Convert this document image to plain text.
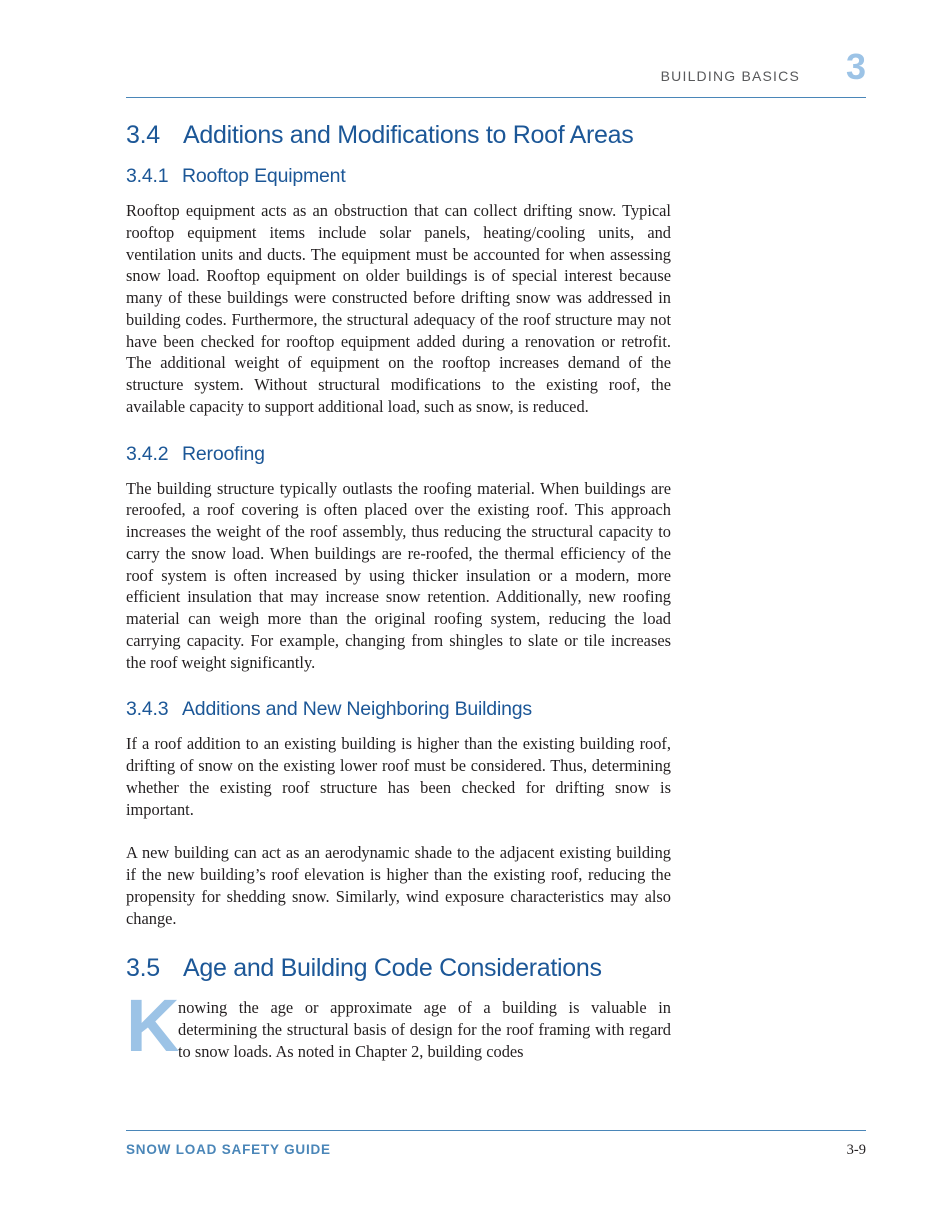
BUILDING BASICS 3
3.4 Additions and Modifications to Roof Areas
3.4.1 Rooftop Equipment

Rooftop equipment acts as an obstruction that can collect drifting snow. Typical rooftop equipment items include solar panels, heating/cooling units, and ventilation units and ducts. The equipment must be accounted for when assessing snow load. Rooftop equipment on older buildings is of special interest because many of these buildings were constructed before drifting snow was addressed in building codes. Furthermore, the structural adequacy of the roof structure may not have been checked for rooftop equipment added during a renovation or retrofit. The additional weight of equipment on the rooftop increases demand of the structure system. Without structural modifications to the existing roof, the available capacity to support additional load, such as snow, is reduced.

3.4.2 Reroofing

The building structure typically outlasts the roofing material. When buildings are reroofed, a roof covering is often placed over the existing roof. This approach increases the weight of the roof assembly, thus reducing the structural capacity to carry the snow load. When buildings are re-roofed, the thermal efficiency of the roof system is often increased by using thicker insulation or a modern, more efficient insulation that may increase snow retention. Additionally, new roofing material can weigh more than the original roofing system, reducing the load carrying capacity. For example, changing from shingles to slate or tile increases the roof weight significantly.

3.4.3 Additions and New Neighboring Buildings

If a roof addition to an existing building is higher than the existing building roof, drifting of snow on the existing lower roof must be considered. Thus, determining whether the existing roof structure has been checked for drifting snow is important.

A new building can act as an aerodynamic shade to the adjacent existing building if the new building’s roof elevation is higher than the existing roof, reducing the propensity for shedding snow. Similarly, wind exposure characteristics may also change.

3.5 Age and Building Code Considerations
K

nowing the age or approximate age of a building is valuable in determining the structural basis of design for the roof framing with regard to snow loads. As noted in Chapter 2, building codes

SNOW LOAD SAFETY GUIDE	3-9
